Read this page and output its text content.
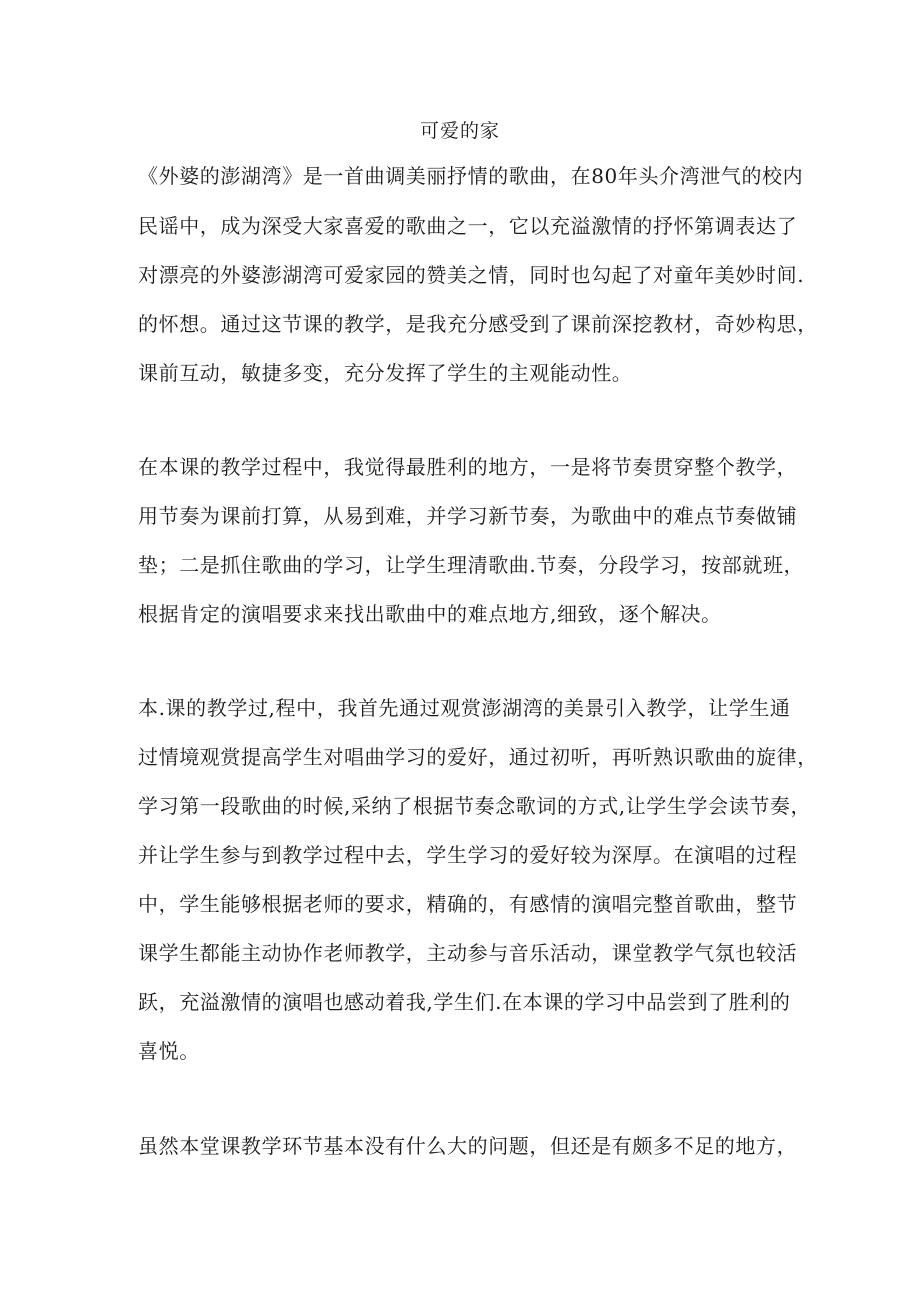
可爱的家
《外婆的澎湖湾》是一首曲调美丽抒情的歌曲，在80年头介湾泄气的校内
民谣中，成为深受大家喜爱的歌曲之一，它以充溢激情的抒怀第调表达了
对漂亮的外婆澎湖湾可爱家园的赞美之情，同时也勾起了对童年美妙时间.
的怀想。通过这节课的教学，是我充分感受到了课前深挖教材，奇妙构思，
课前互动，敏捷多变，充分发挥了学生的主观能动性。
在本课的教学过程中，我觉得最胜利的地方，一是将节奏贯穿整个教学，
用节奏为课前打算，从易到难，并学习新节奏，为歌曲中的难点节奏做铺
垫；二是抓住歌曲的学习，让学生理清歌曲.节奏，分段学习，按部就班，
根据肯定的演唱要求来找出歌曲中的难点地方,细致，逐个解决。
本.课的教学过,程中，我首先通过观赏澎湖湾的美景引入教学，让学生通
过情境观赏提高学生对唱曲学习的爱好，通过初听，再听熟识歌曲的旋律，
学习第一段歌曲的时候,采纳了根据节奏念歌词的方式,让学生学会读节奏，
并让学生参与到教学过程中去，学生学习的爱好较为深厚。在演唱的过程
中，学生能够根据老师的要求，精确的，有感情的演唱完整首歌曲，整节
课学生都能主动协作老师教学，主动参与音乐活动，课堂教学气氛也较活
跃，充溢激情的演唱也感动着我,学生们.在本课的学习中品尝到了胜利的
喜悦。
虽然本堂课教学环节基本没有什么大的问题，但还是有颇多不足的地方，
